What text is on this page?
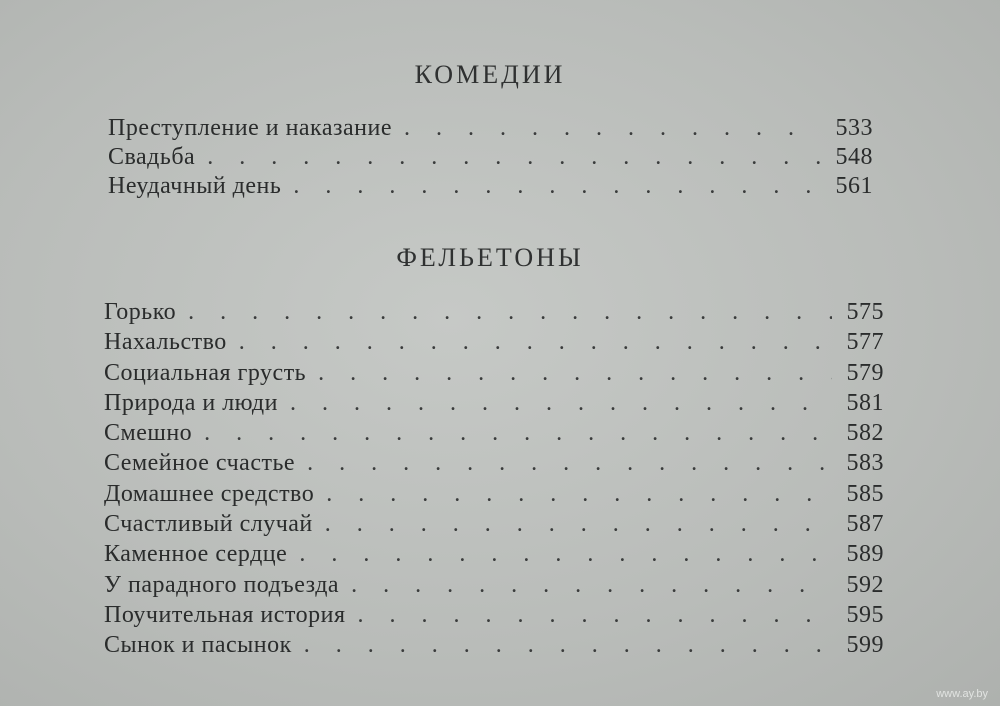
КОМЕДИИ
Преступление и наказание . . .	533
Свадьба . . .	548
Неудачный день . . .	561
ФЕЛЬЕТОНЫ
Горько . . .	575
Нахальство . . .	577
Социальная грусть . . .	579
Природа и люди . . .	581
Смешно . . .	582
Семейное счастье . . .	583
Домашнее средство . . .	585
Счастливый случай . . .	587
Каменное сердце . . .	589
У парадного подъезда . . .	592
Поучительная история . . .	595
Сынок и пасынок . . .	599
www.ay.by
